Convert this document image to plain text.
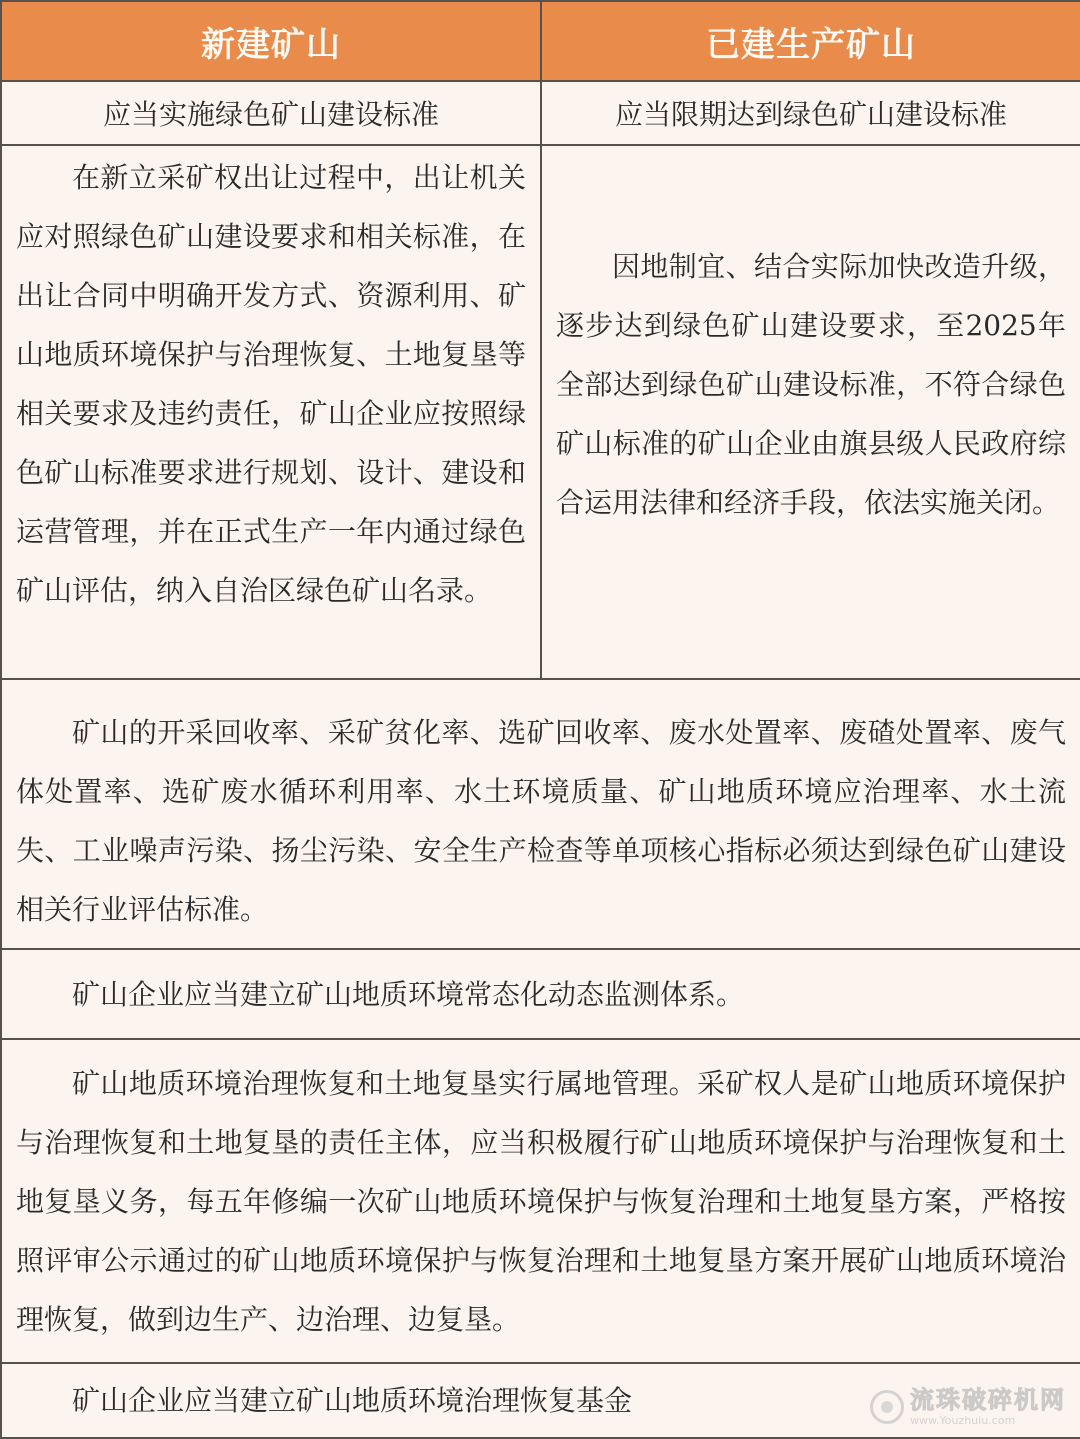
新建矿山	已建生产矿山
应当实施绿色矿山建设标准	应当限期达到绿色矿山建设标准

在新立采矿权出让过程中，出让机关应对照绿色矿山建设要求和相关标准，在出让合同中明确开发方式、资源利用、矿山地质环境保护与治理恢复、土地复垦等相关要求及违约责任，矿山企业应按照绿色矿山标准要求进行规划、设计、建设和运营管理，并在正式生产一年内通过绿色矿山评估，纳入自治区绿色矿山名录。	因地制宜、结合实际加快改造升级，逐步达到绿色矿山建设要求，至2025年全部达到绿色矿山建设标准，不符合绿色矿山标准的矿山企业由旗县级人民政府综合运用法律和经济手段，依法实施关闭。

矿山的开采回收率、采矿贫化率、选矿回收率、废水处置率、废碴处置率、废气体处置率、选矿废水循环利用率、水土环境质量、矿山地质环境应治理率、水土流失、工业噪声污染、扬尘污染、安全生产检查等单项核心指标必须达到绿色矿山建设相关行业评估标准。	

矿山企业应当建立矿山地质环境常态化动态监测体系。	

矿山地质环境治理恢复和土地复垦实行属地管理。采矿权人是矿山地质环境保护与治理恢复和土地复垦的责任主体，应当积极履行矿山地质环境保护与治理恢复和土地复垦义务，每五年修编一次矿山地质环境保护与恢复治理和土地复垦方案，严格按照评审公示通过的矿山地质环境保护与恢复治理和土地复垦方案开展矿山地质环境治理恢复，做到边生产、边治理、边复垦。	

矿山企业应当建立矿山地质环境治理恢复基金		流珠破碎机网
www.Youzhuiu.com
